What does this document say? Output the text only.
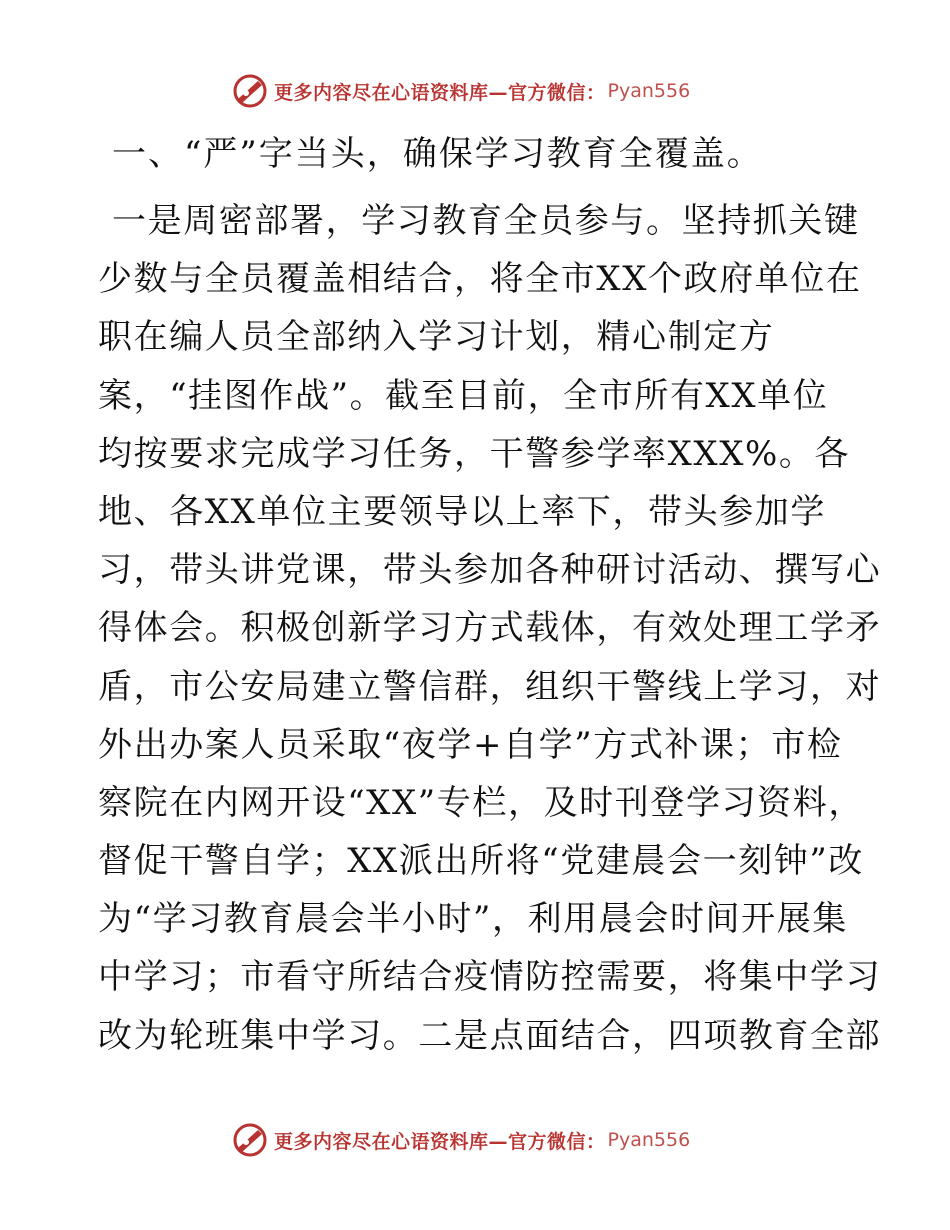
更多内容尽在心语资料库—官方微信： Pyan556
一、“严”字当头，确保学习教育全覆盖。
一是周密部署，学习教育全员参与。坚持抓关键
少数与全员覆盖相结合，将全市XX个政府单位在
职在编人员全部纳入学习计划，精心制定方
案，“挂图作战”。截至目前，全市所有XX单位
均按要求完成学习任务，干警参学率XXX%。各
地、各XX单位主要领导以上率下，带头参加学
习，带头讲党课，带头参加各种研讨活动、撰写心
得体会。积极创新学习方式载体，有效处理工学矛
盾，市公安局建立警信群，组织干警线上学习，对
外出办案人员采取“夜学+自学”方式补课；市检
察院在内网开设“XX”专栏，及时刊登学习资料，
督促干警自学；XX派出所将“党建晨会一刻钟”改
为“学习教育晨会半小时”，利用晨会时间开展集
中学习；市看守所结合疫情防控需要，将集中学习
改为轮班集中学习。二是点面结合，四项教育全部
更多内容尽在心语资料库—官方微信： Pyan556
